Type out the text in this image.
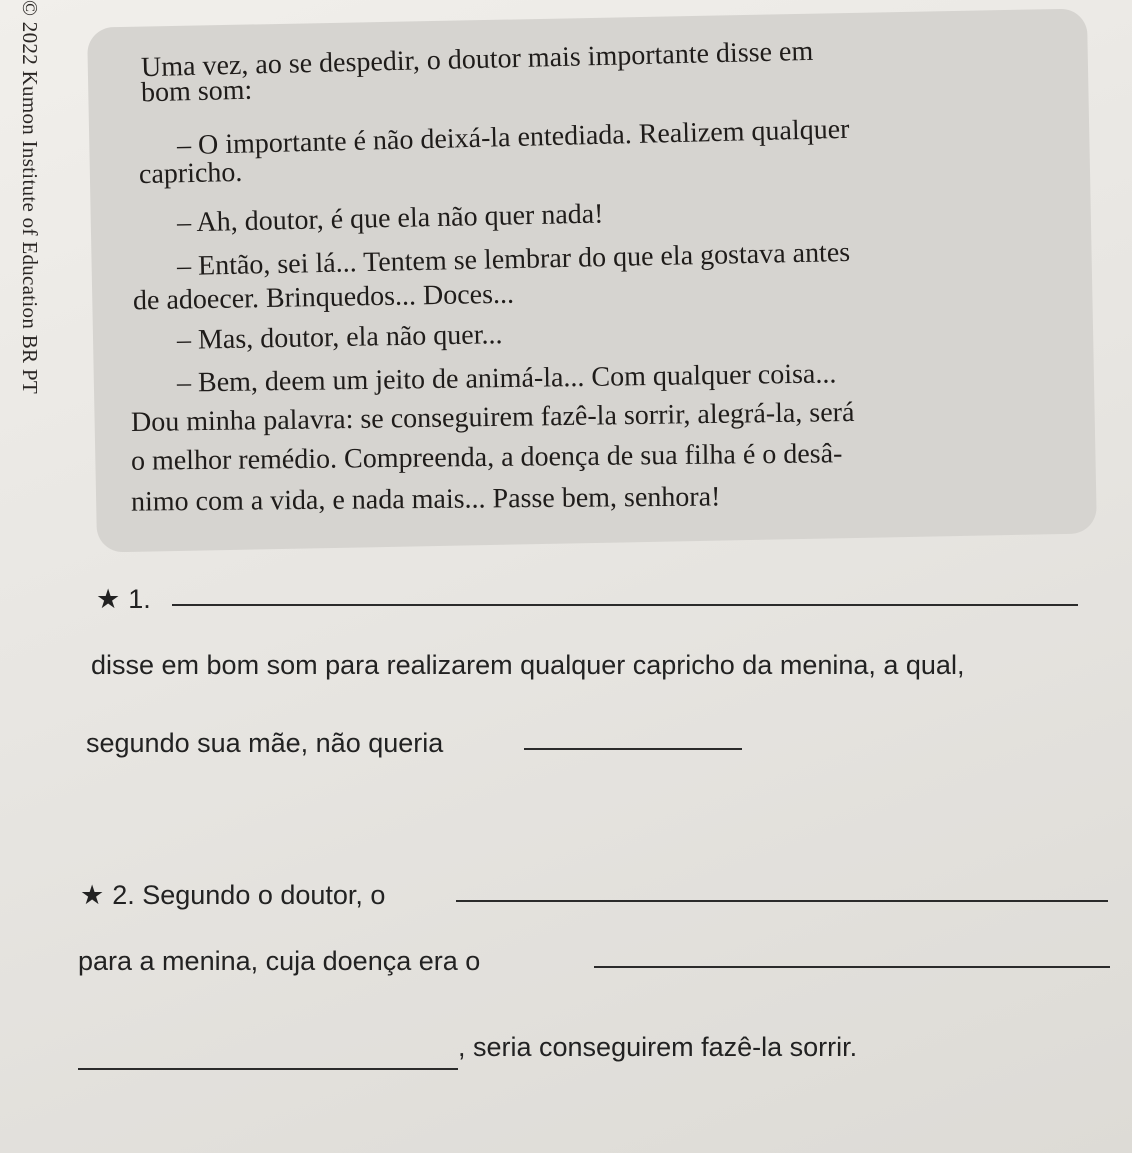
© 2022 Kumon Institute of Education BR PT	Uma vez, ao se despedir, o doutor mais importante disse em
bom som:
– O importante é não deixá-la entediada. Realizem qualquer
capricho.
– Ah, doutor, é que ela não quer nada!
– Então, sei lá... Tentem se lembrar do que ela gostava antes
de adoecer. Brinquedos... Doces...
– Mas, doutor, ela não quer...
– Bem, deem um jeito de animá-la... Com qualquer coisa...
Dou minha palavra: se conseguirem fazê-la sorrir, alegrá-la, será
o melhor remédio. Compreenda, a doença de sua filha é o desâ-
nimo com a vida, e nada mais... Passe bem, senhora!
★ 1.
disse em bom som para realizarem qualquer capricho da menina, a qual,
segundo sua mãe, não queria
★ 2. Segundo o doutor, o
para a menina, cuja doença era o
, seria conseguirem fazê-la sorrir.
